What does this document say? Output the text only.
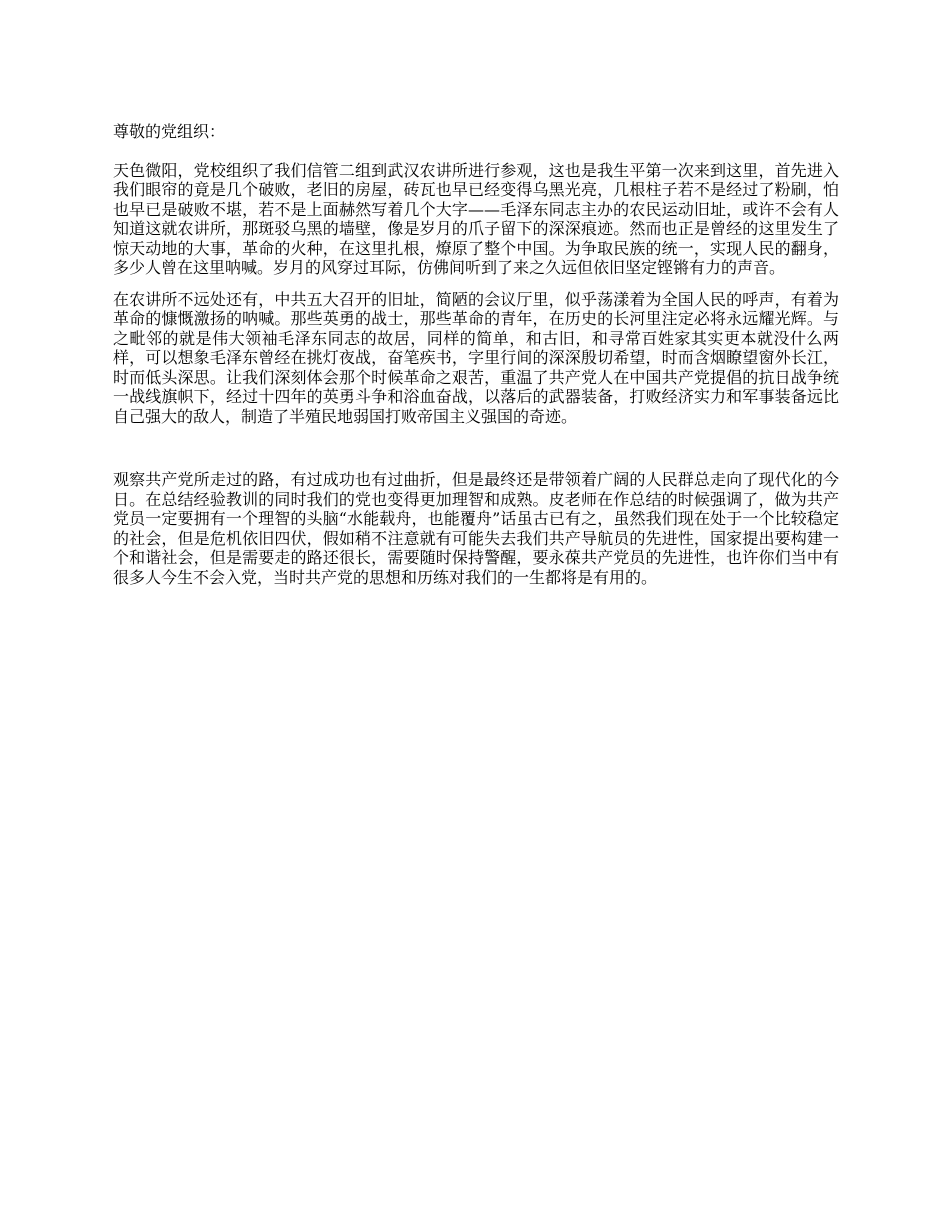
尊敬的党组织：

天色微阳，党校组织了我们信管二组到武汉农讲所进行参观，这也是我生平第一次来到这里，首先进入我们眼帘的竟是几个破败，老旧的房屋，砖瓦也早已经变得乌黑光亮，几根柱子若不是经过了粉刷，怕也早已是破败不堪，若不是上面赫然写着几个大字——毛泽东同志主办的农民运动旧址，或许不会有人知道这就农讲所，那斑驳乌黑的墙壁，像是岁月的爪子留下的深深痕迹。然而也正是曾经的这里发生了惊天动地的大事，革命的火种，在这里扎根，燎原了整个中国。为争取民族的统一，实现人民的翻身，多少人曾在这里呐喊。岁月的风穿过耳际，仿佛间听到了来之久远但依旧坚定铿锵有力的声音。

在农讲所不远处还有，中共五大召开的旧址，简陋的会议厅里，似乎荡漾着为全国人民的呼声，有着为革命的慷慨激扬的呐喊。那些英勇的战士，那些革命的青年，在历史的长河里注定必将永远耀光辉。与之毗邻的就是伟大领袖毛泽东同志的故居，同样的简单，和古旧，和寻常百姓家其实更本就没什么两样，可以想象毛泽东曾经在挑灯夜战，奋笔疾书，字里行间的深深殷切希望，时而含烟瞭望窗外长江，时而低头深思。让我们深刻体会那个时候革命之艰苦，重温了共产党人在中国共产党提倡的抗日战争统一战线旗帜下，经过十四年的英勇斗争和浴血奋战，以落后的武器装备，打败经济实力和军事装备远比自己强大的敌人，制造了半殖民地弱国打败帝国主义强国的奇迹。

观察共产党所走过的路，有过成功也有过曲折，但是最终还是带领着广阔的人民群总走向了现代化的今日。在总结经验教训的同时我们的党也变得更加理智和成熟。皮老师在作总结的时候强调了，做为共产党员一定要拥有一个理智的头脑“水能载舟，也能覆舟”话虽古已有之，虽然我们现在处于一个比较稳定的社会，但是危机依旧四伏，假如稍不注意就有可能失去我们共产导航员的先进性，国家提出要构建一个和谐社会，但是需要走的路还很长，需要随时保持警醒，要永葆共产党员的先进性，也许你们当中有很多人今生不会入党，当时共产党的思想和历练对我们的一生都将是有用的。
